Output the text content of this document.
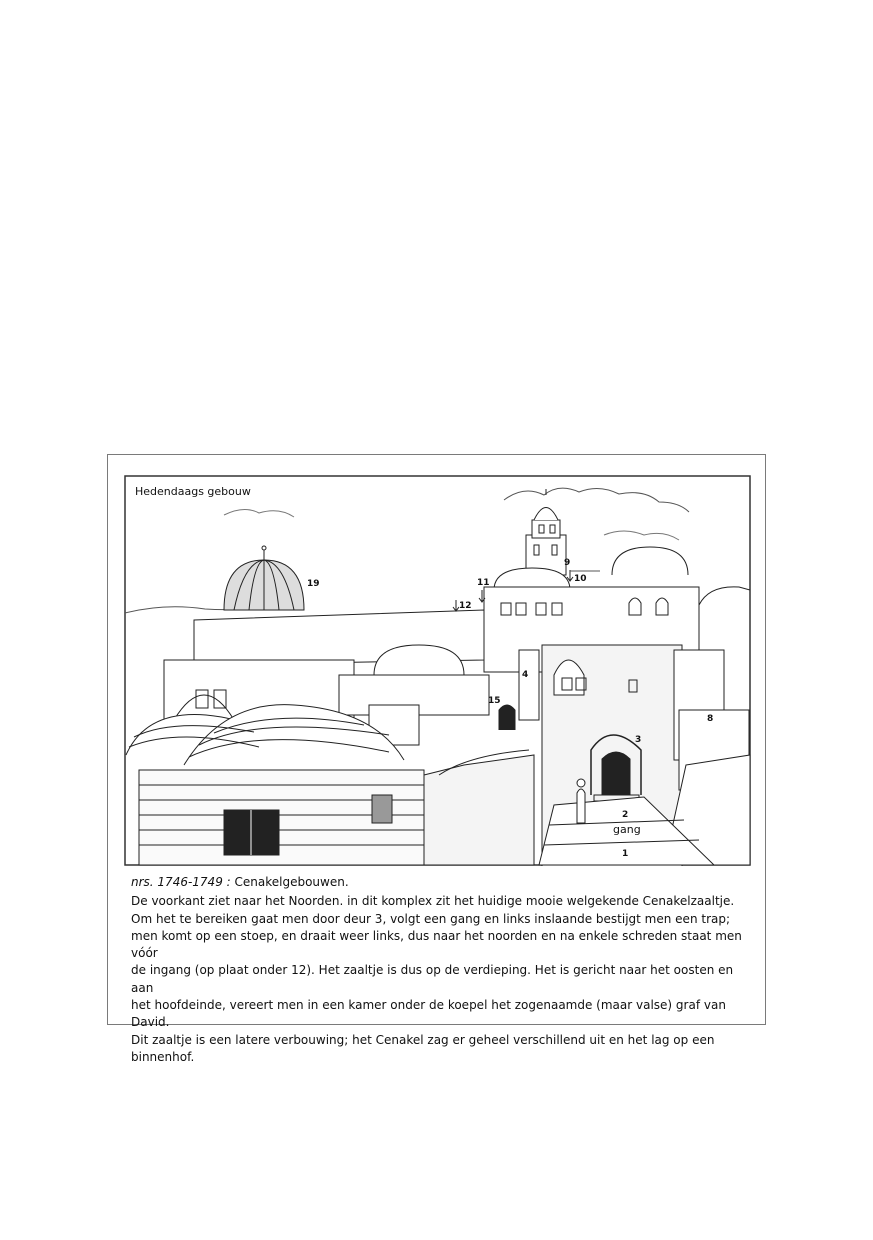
Hedendaags gebouw
19	11
12
9
10
4
15
8
3
2
gang
1
nrs. 1746-1749 : Cenakelgebouwen.

De voorkant ziet naar het Noorden. in dit komplex zit het huidige mooie welgekende Cenakelzaaltje.

Om het te bereiken gaat men door deur 3, volgt een gang en links inslaande bestijgt men een trap;

men komt op een stoep, en draait weer links, dus naar het noorden en na enkele schreden staat men vóór

de ingang (op plaat onder 12). Het zaaltje is dus op de verdieping. Het is gericht naar het oosten en aan

het hoofdeinde, vereert men in een kamer onder de koepel het zogenaamde (maar valse) graf van David.

Dit zaaltje is een latere verbouwing; het Cenakel zag er geheel verschillend uit en het lag op een

binnenhof.
